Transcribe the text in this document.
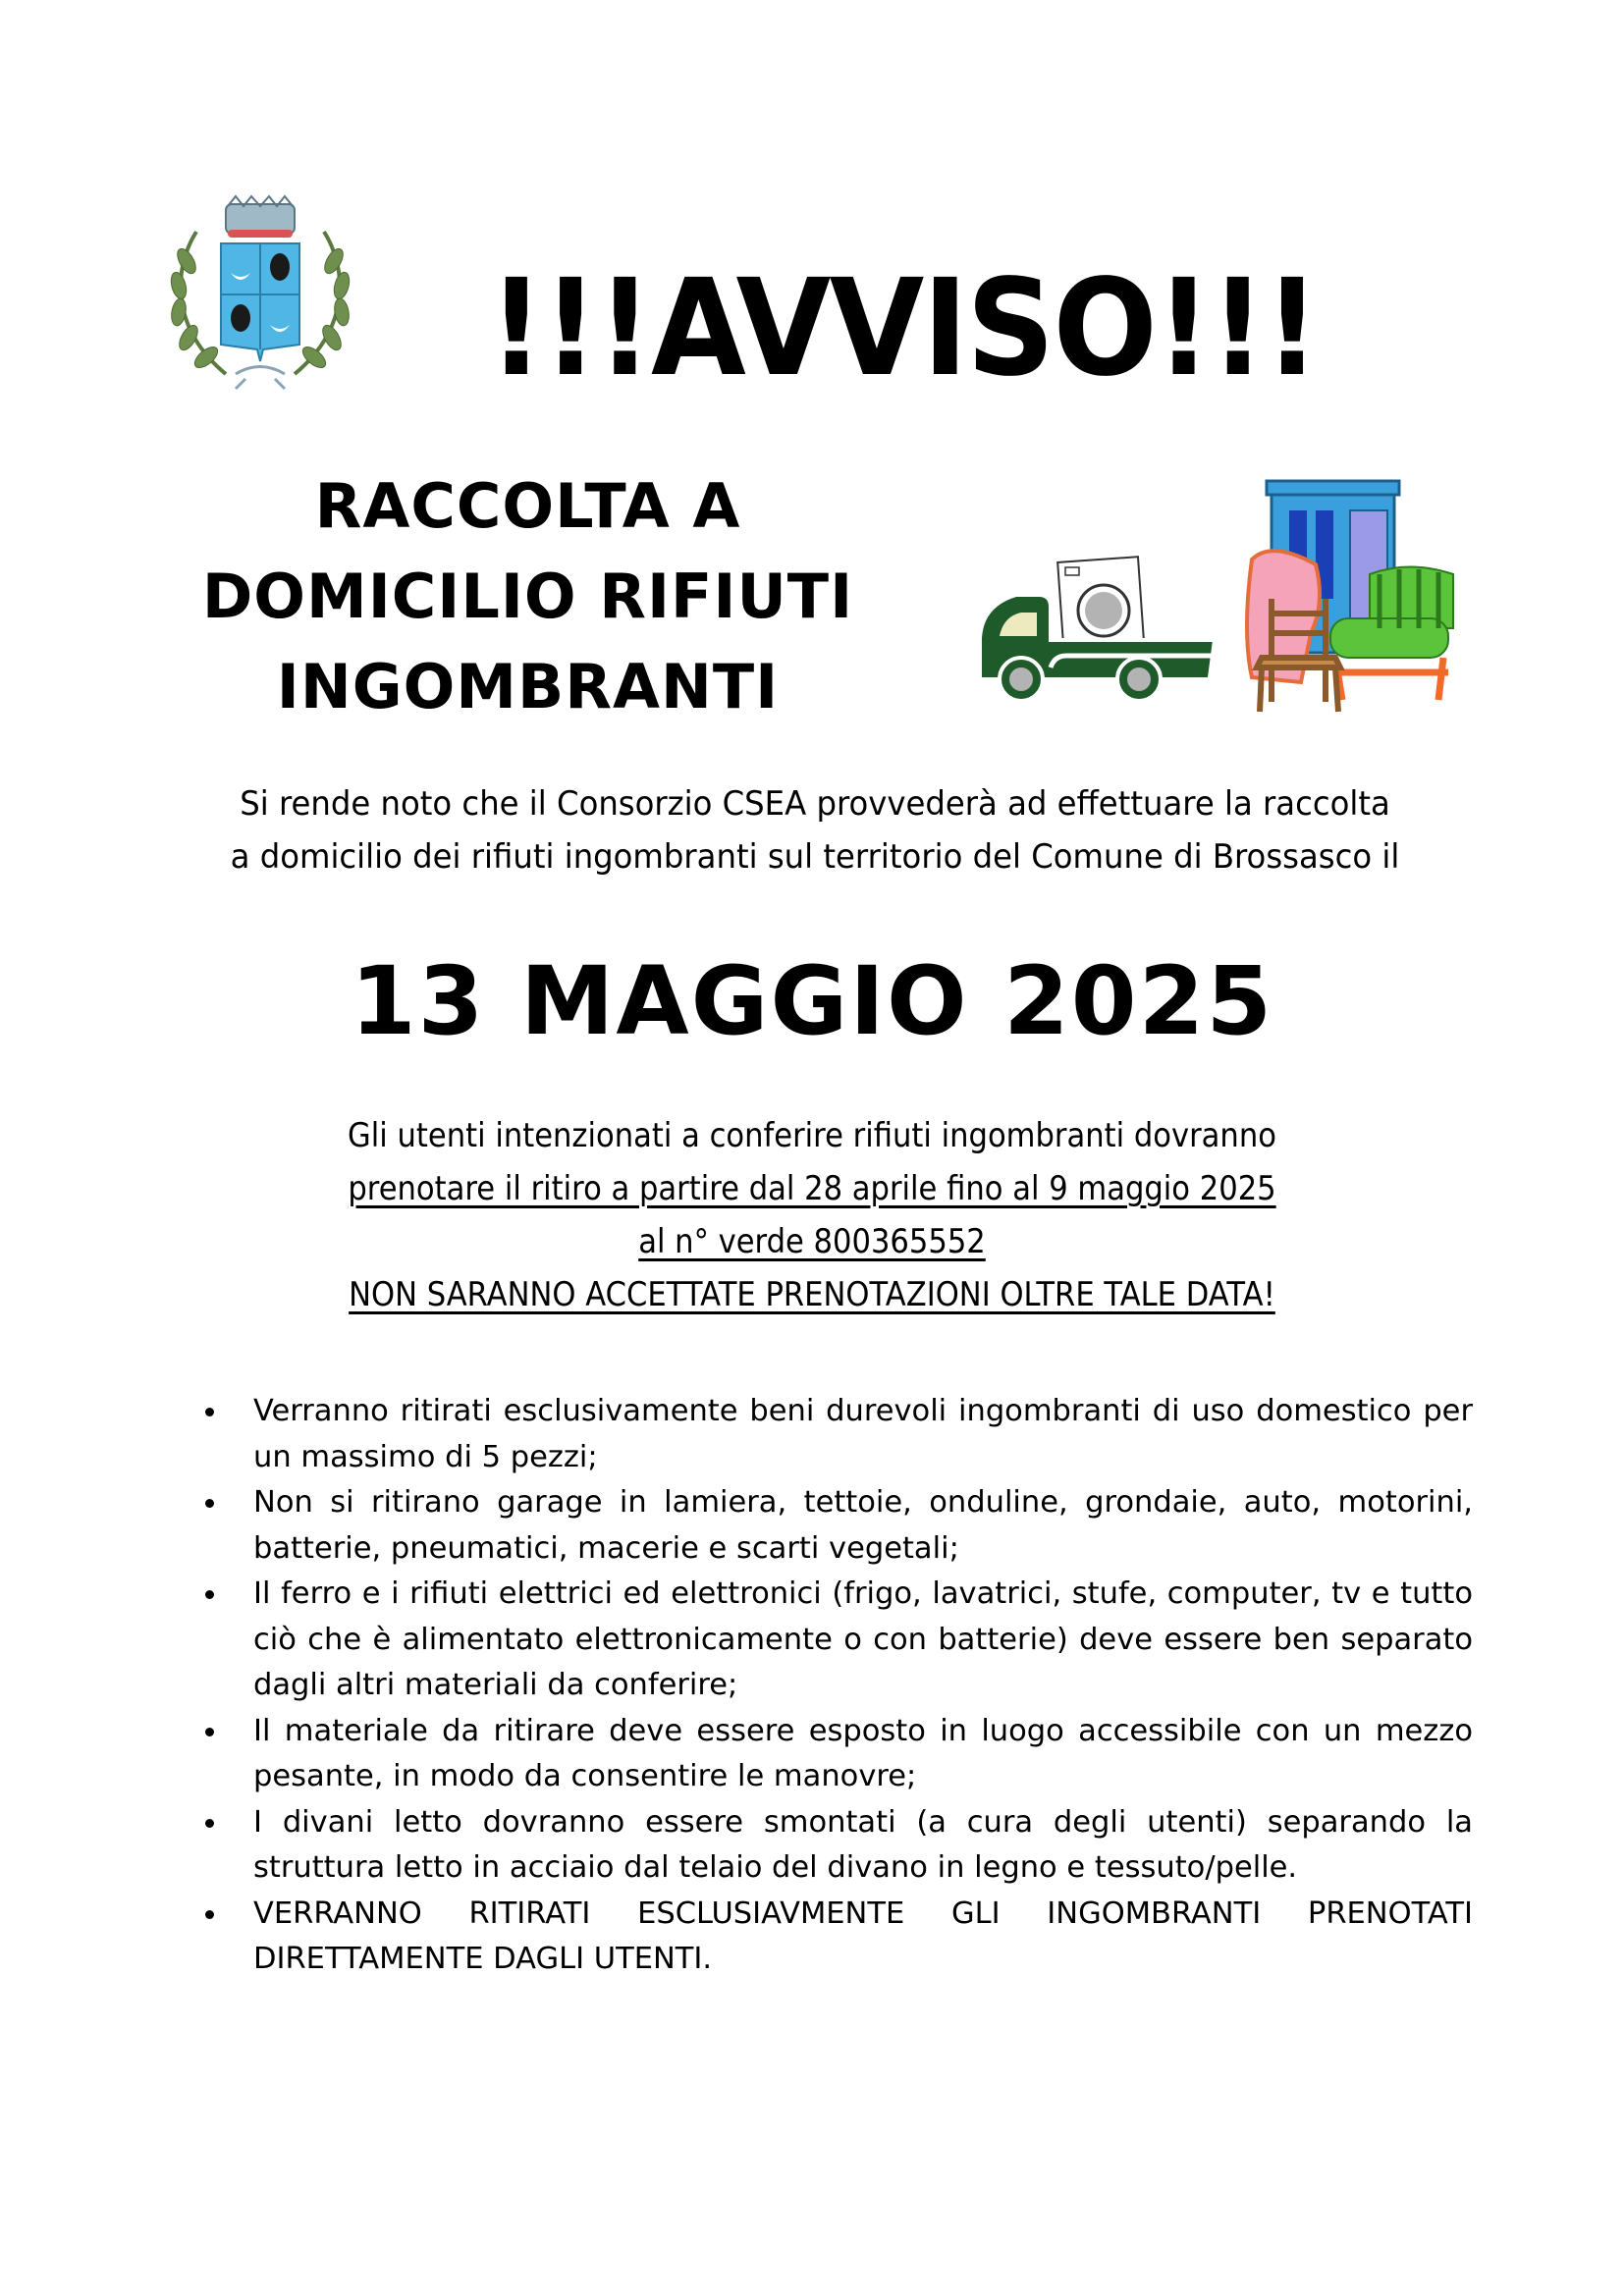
!!!AVVISO!!!
RACCOLTA A
DOMICILIO RIFIUTI
INGOMBRANTI
Si rende noto che il Consorzio CSEA provvederà ad effettuare la raccolta
a domicilio dei rifiuti ingombranti sul territorio del Comune di Brossasco il
13 MAGGIO 2025
Gli utenti intenzionati a conferire rifiuti ingombranti dovranno
prenotare il ritiro a partire dal 28 aprile fino al 9 maggio 2025
al n° verde 800365552
NON SARANNO ACCETTATE PRENOTAZIONI OLTRE TALE DATA!
Verranno ritirati esclusivamente beni durevoli ingombranti di uso domestico per un massimo di 5 pezzi;
Non si ritirano garage in lamiera, tettoie, onduline, grondaie, auto, motorini, batterie, pneumatici, macerie e scarti vegetali;
Il ferro e i rifiuti elettrici ed elettronici (frigo, lavatrici, stufe, computer, tv e tutto ciò che è alimentato elettronicamente o con batterie) deve essere ben separato dagli altri materiali da conferire;
Il materiale da ritirare deve essere esposto in luogo accessibile con un mezzo pesante, in modo da consentire le manovre;
I divani letto dovranno essere smontati (a cura degli utenti) separando la struttura letto in acciaio dal telaio del divano in legno e tessuto/pelle.
VERRANNO RITIRATI ESCLUSIAVMENTE GLI INGOMBRANTI PRENOTATI DIRETTAMENTE DAGLI UTENTI.
